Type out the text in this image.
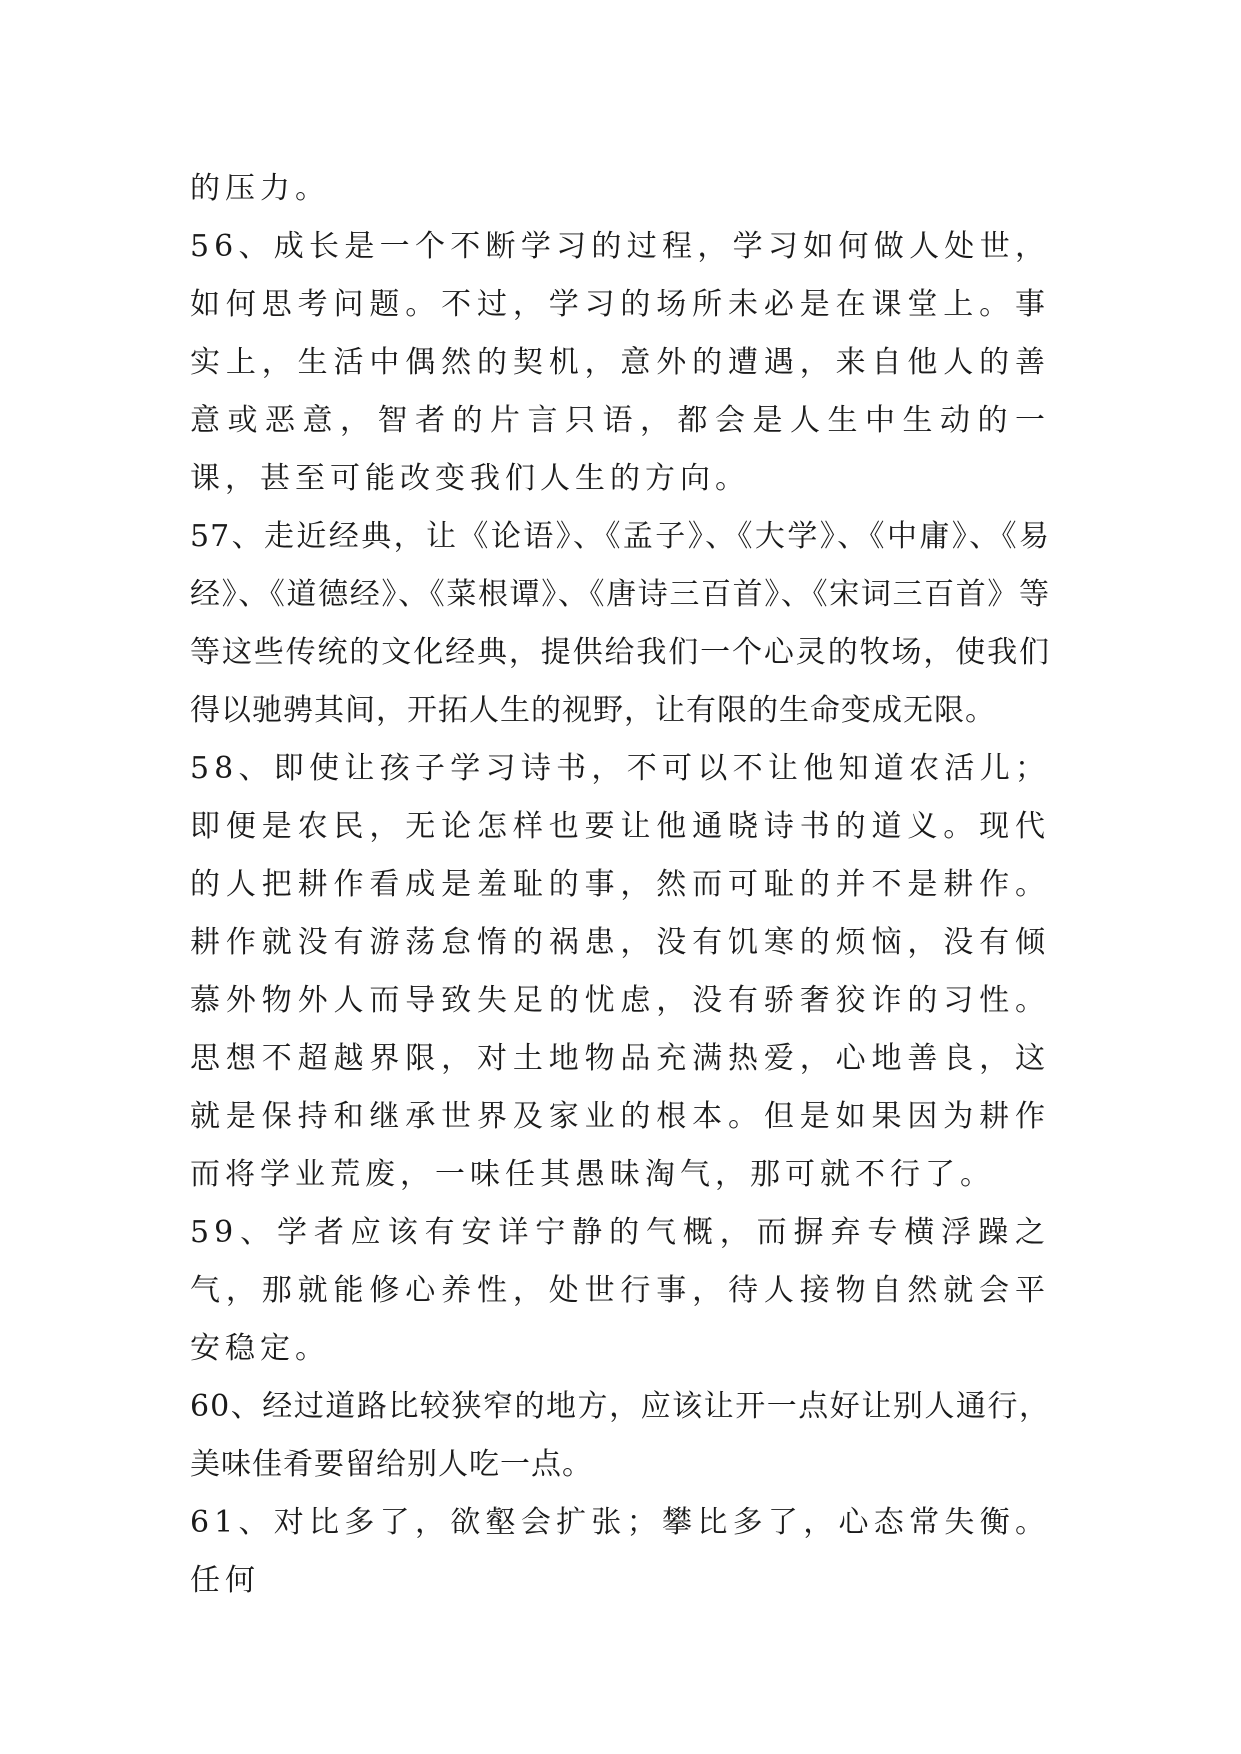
的压力。

56、成长是一个不断学习的过程，学习如何做人处世，如何思考问题。不过，学习的场所未必是在课堂上。事实上，生活中偶然的契机，意外的遭遇，来自他人的善意或恶意，智者的片言只语，都会是人生中生动的一课，甚至可能改变我们人生的方向。

57、走近经典，让《论语》、《孟子》、《大学》、《中庸》、《易经》、《道德经》、《菜根谭》、《唐诗三百首》、《宋词三百首》等等这些传统的文化经典，提供给我们一个心灵的牧场，使我们得以驰骋其间，开拓人生的视野，让有限的生命变成无限。

58、即使让孩子学习诗书，不可以不让他知道农活儿；即便是农民，无论怎样也要让他通晓诗书的道义。现代的人把耕作看成是羞耻的事，然而可耻的并不是耕作。耕作就没有游荡怠惰的祸患，没有饥寒的烦恼，没有倾慕外物外人而导致失足的忧虑，没有骄奢狡诈的习性。思想不超越界限，对土地物品充满热爱，心地善良，这就是保持和继承世界及家业的根本。但是如果因为耕作而将学业荒废，一味任其愚昧淘气，那可就不行了。

59、学者应该有安详宁静的气概，而摒弃专横浮躁之气，那就能修心养性，处世行事，待人接物自然就会平安稳定。

60、经过道路比较狭窄的地方，应该让开一点好让别人通行，美味佳肴要留给别人吃一点。

61、对比多了，欲壑会扩张；攀比多了，心态常失衡。任何
